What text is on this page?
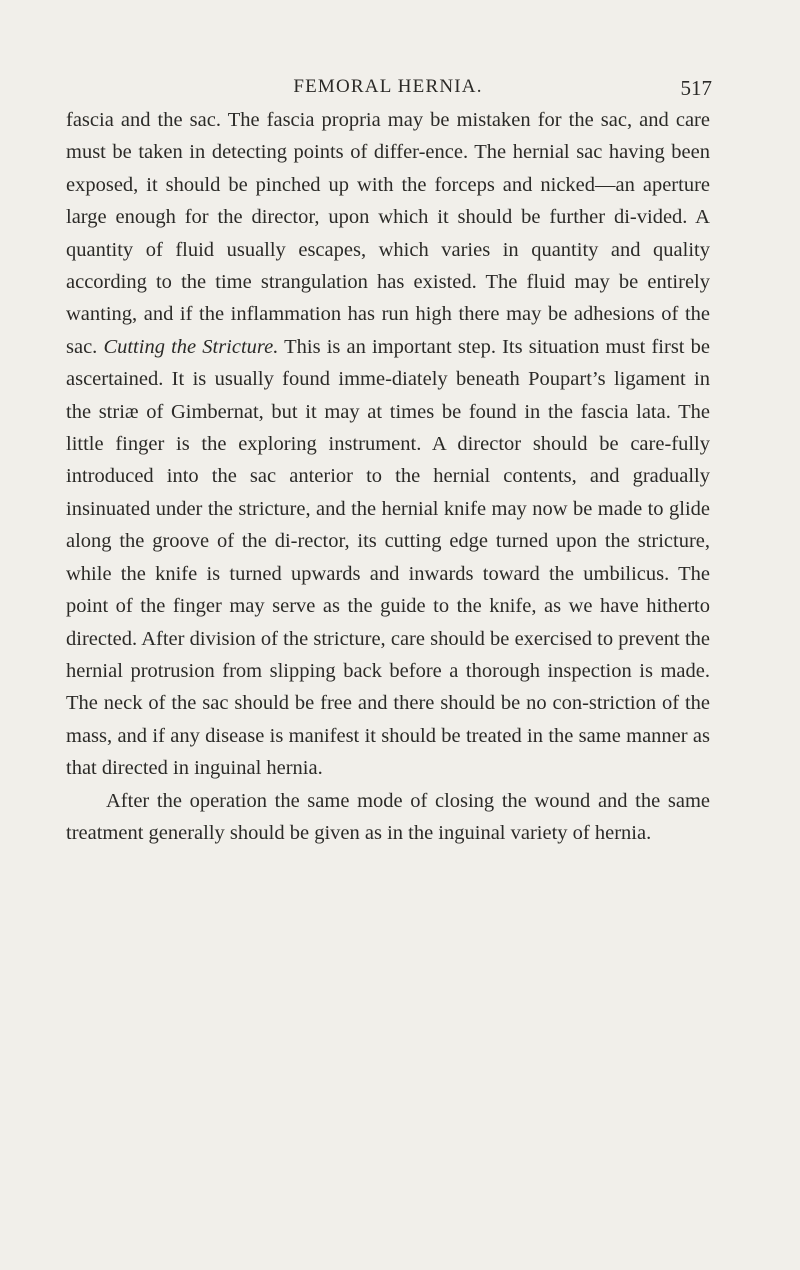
FEMORAL HERNIA.	517

fascia and the sac. The fascia propria may be mistaken for the sac, and care must be taken in detecting points of differ-ence. The hernial sac having been exposed, it should be pinched up with the forceps and nicked—an aperture large enough for the director, upon which it should be further di-vided. A quantity of fluid usually escapes, which varies in quantity and quality according to the time strangulation has existed. The fluid may be entirely wanting, and if the inflammation has run high there may be adhesions of the sac. Cutting the Stricture. This is an important step. Its situation must first be ascertained. It is usually found imme-diately beneath Poupart’s ligament in the striæ of Gimbernat, but it may at times be found in the fascia lata. The little finger is the exploring instrument. A director should be care-fully introduced into the sac anterior to the hernial contents, and gradually insinuated under the stricture, and the hernial knife may now be made to glide along the groove of the di-rector, its cutting edge turned upon the stricture, while the knife is turned upwards and inwards toward the umbilicus. The point of the finger may serve as the guide to the knife, as we have hitherto directed. After division of the stricture, care should be exercised to prevent the hernial protrusion from slipping back before a thorough inspection is made. The neck of the sac should be free and there should be no con-striction of the mass, and if any disease is manifest it should be treated in the same manner as that directed in inguinal hernia.

After the operation the same mode of closing the wound and the same treatment generally should be given as in the inguinal variety of hernia.
